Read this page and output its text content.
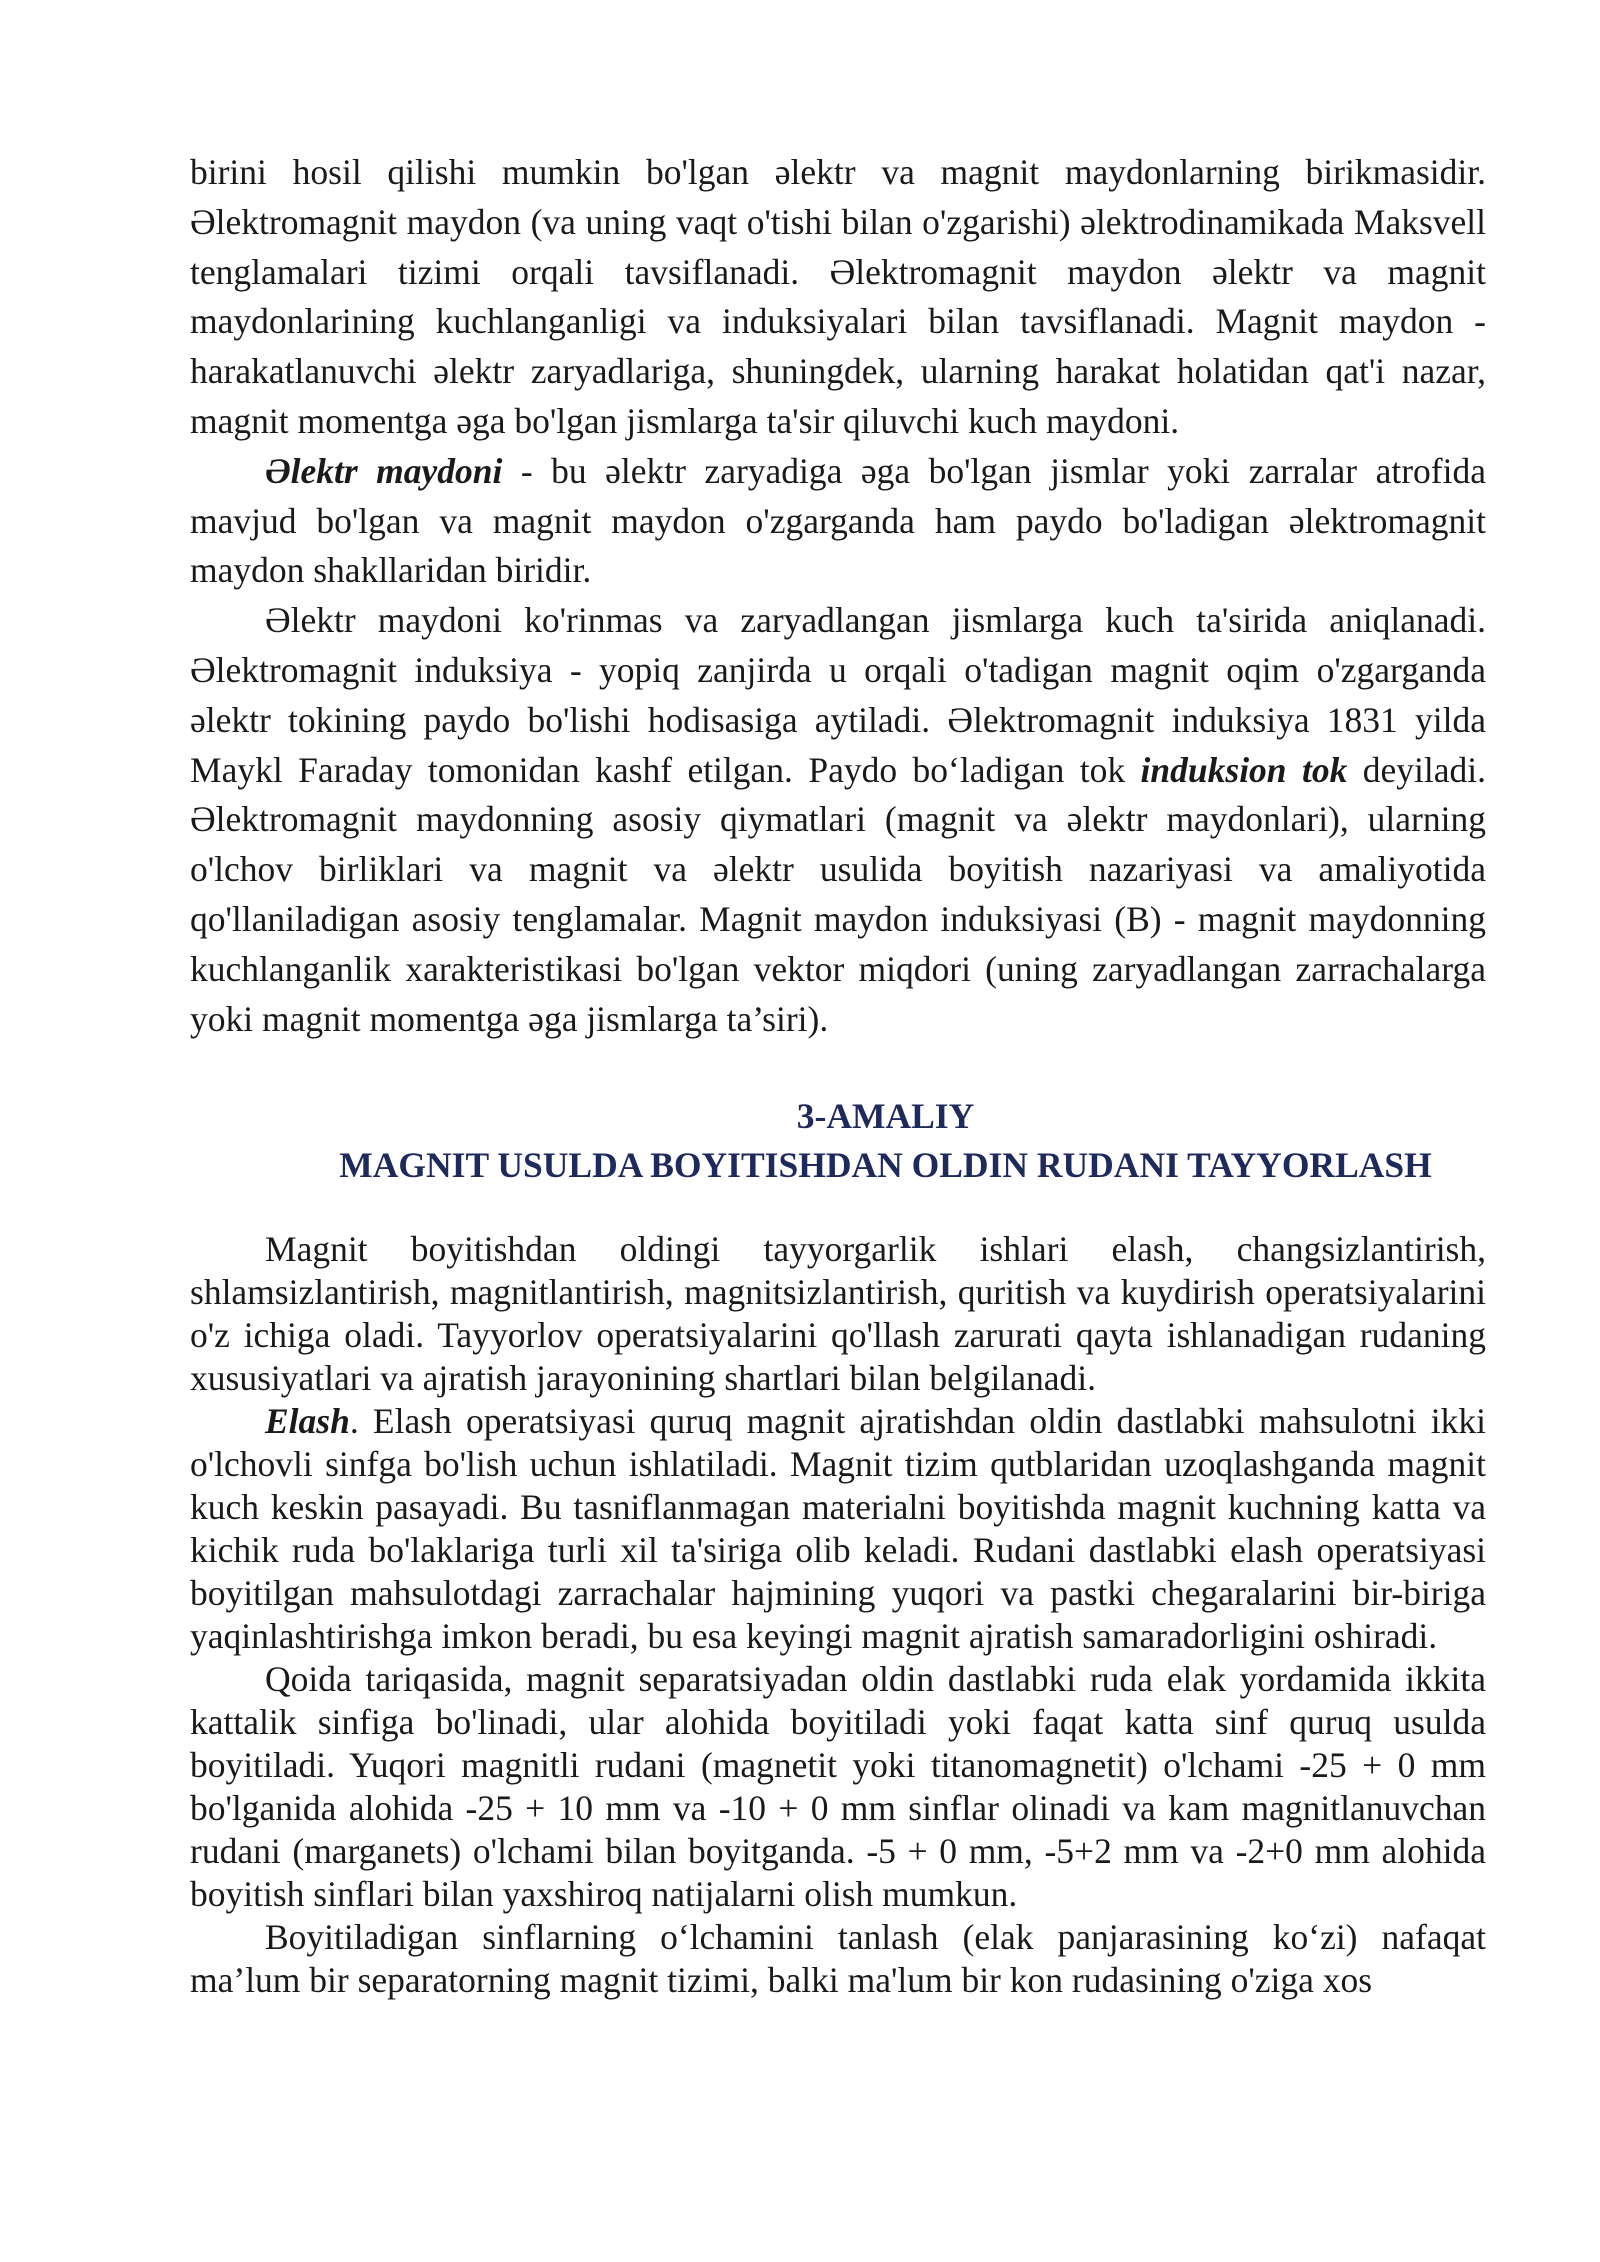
birini hosil qilishi mumkin bo'lgan əlektr va magnit maydonlarning birikmasidir. Əlektromagnit maydon (va uning vaqt o'tishi bilan o'zgarishi) əlektrodinamikada Maksvell tenglamalari tizimi orqali tavsiflanadi. Əlektromagnit maydon əlektr va magnit maydonlarining kuchlanganligi va induksiyalari bilan tavsiflanadi. Magnit maydon - harakatlanuvchi əlektr zaryadlariga, shuningdek, ularning harakat holatidan qat'i nazar, magnit momentga əga bo'lgan jismlarga ta'sir qiluvchi kuch maydoni.

Əlektr maydoni - bu əlektr zaryadiga əga bo'lgan jismlar yoki zarralar atrofida mavjud bo'lgan va magnit maydon o'zgarganda ham paydo bo'ladigan əlektromagnit maydon shakllaridan biridir.

Əlektr maydoni ko'rinmas va zaryadlangan jismlarga kuch ta'sirida aniqlanadi. Əlektromagnit induksiya - yopiq zanjirda u orqali o'tadigan magnit oqim o'zgarganda əlektr tokining paydo bo'lishi hodisasiga aytiladi. Əlektromagnit induksiya 1831 yilda Maykl Faraday tomonidan kashf etilgan. Paydo bo‘ladigan tok induksion tok deyiladi. Əlektromagnit maydonning asosiy qiymatlari (magnit va əlektr maydonlari), ularning o'lchov birliklari va magnit va əlektr usulida boyitish nazariyasi va amaliyotida qo'llaniladigan asosiy tenglamalar. Magnit maydon induksiyasi (B) - magnit maydonning kuchlanganlik xarakteristikasi bo'lgan vektor miqdori (uning zaryadlangan zarrachalarga yoki magnit momentga əga jismlarga ta’siri).

3-AMALIY
MAGNIT USULDA BOYITISHDAN OLDIN RUDANI TAYYORLASH

Magnit boyitishdan oldingi tayyorgarlik ishlari elash, changsizlantirish, shlamsizlantirish, magnitlantirish, magnitsizlantirish, quritish va kuydirish operatsiyalarini o'z ichiga oladi. Tayyorlov operatsiyalarini qo'llash zarurati qayta ishlanadigan rudaning xususiyatlari va ajratish jarayonining shartlari bilan belgilanadi.

Elash. Elash operatsiyasi quruq magnit ajratishdan oldin dastlabki mahsulotni ikki o'lchovli sinfga bo'lish uchun ishlatiladi. Magnit tizim qutblaridan uzoqlashganda magnit kuch keskin pasayadi. Bu tasniflanmagan materialni boyitishda magnit kuchning katta va kichik ruda bo'laklariga turli xil ta'siriga olib keladi. Rudani dastlabki elash operatsiyasi boyitilgan mahsulotdagi zarrachalar hajmining yuqori va pastki chegaralarini bir-biriga yaqinlashtirishga imkon beradi, bu esa keyingi magnit ajratish samaradorligini oshiradi.

Qoida tariqasida, magnit separatsiyadan oldin dastlabki ruda elak yordamida ikkita kattalik sinfiga bo'linadi, ular alohida boyitiladi yoki faqat katta sinf quruq usulda boyitiladi. Yuqori magnitli rudani (magnetit yoki titanomagnetit) o'lchami -25 + 0 mm bo'lganida alohida -25 + 10 mm va -10 + 0 mm sinflar olinadi va kam magnitlanuvchan rudani (marganets) o'lchami bilan boyitganda. -5 + 0 mm, -5+2 mm va -2+0 mm alohida boyitish sinflari bilan yaxshiroq natijalarni olish mumkun.

Boyitiladigan sinflarning o‘lchamini tanlash (elak panjarasining ko‘zi) nafaqat ma’lum bir separatorning magnit tizimi, balki ma'lum bir kon rudasining o'ziga xos
